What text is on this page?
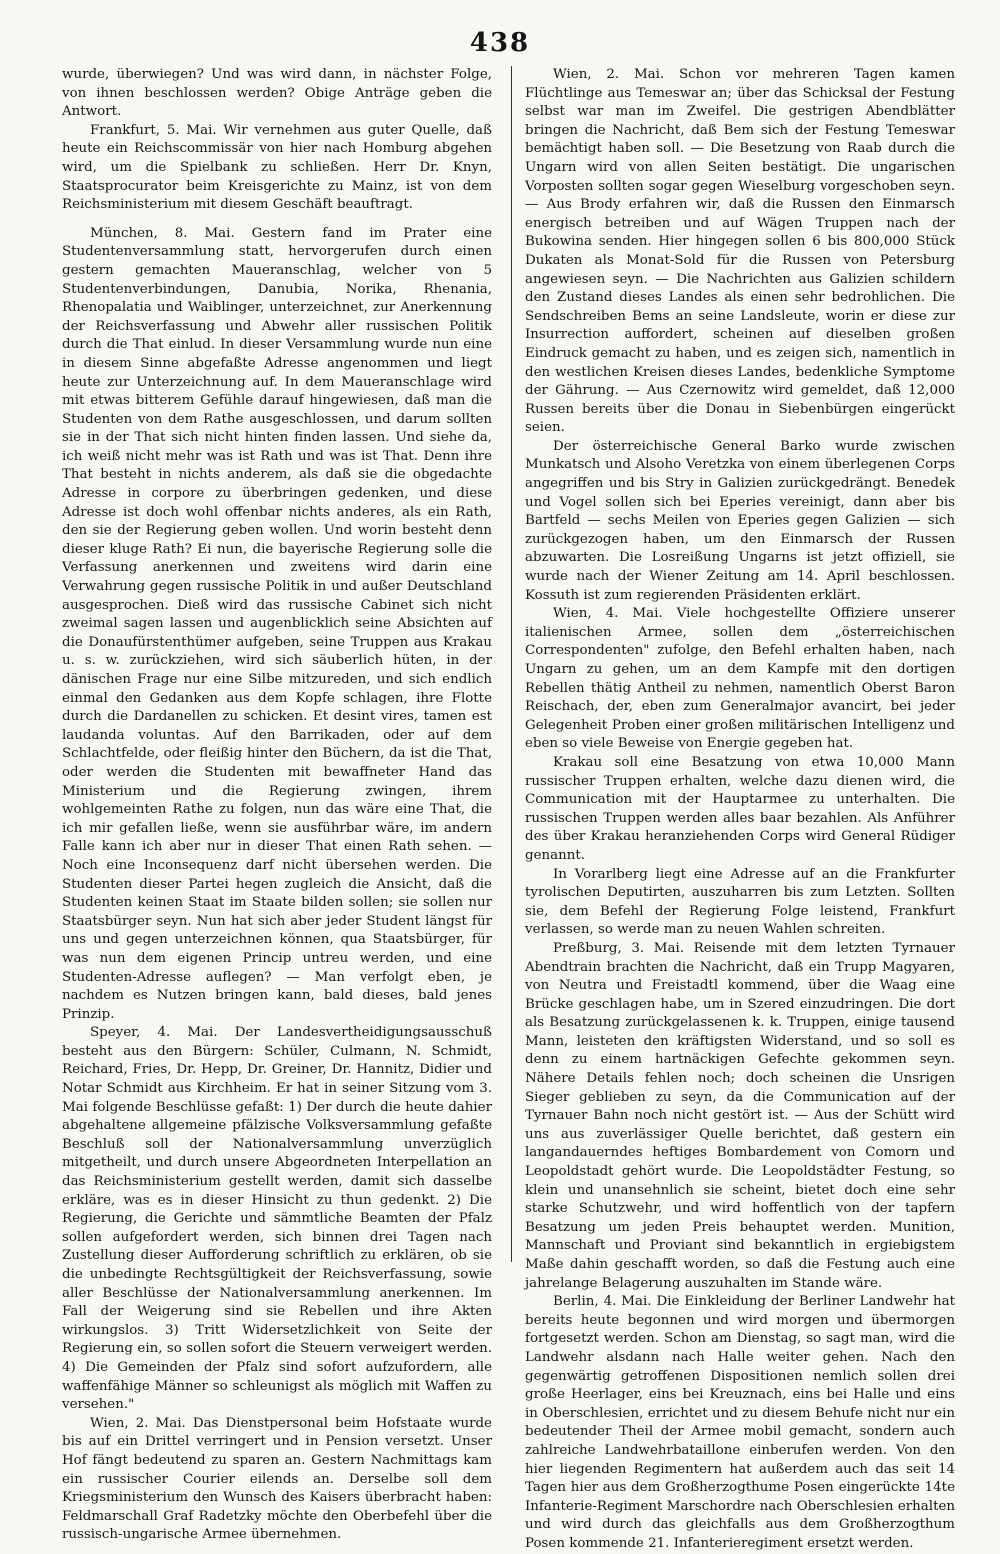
438

wurde, überwiegen? Und was wird dann, in nächster Folge, von ihnen beschlossen werden? Obige Anträge geben die Antwort.

Frankfurt, 5. Mai. Wir vernehmen aus guter Quelle, daß heute ein Reichscommissär von hier nach Homburg abgehen wird, um die Spielbank zu schließen. Herr Dr. Knyn, Staatsprocurator beim Kreisgerichte zu Mainz, ist von dem Reichsministerium mit diesem Geschäft beauftragt.

München, 8. Mai. Gestern fand im Prater eine Studentenversammlung statt, hervorgerufen durch einen gestern gemachten Maueranschlag, welcher von 5 Studentenverbindungen, Danubia, Norika, Rhenania, Rhenopalatia und Waiblinger, unterzeichnet, zur Anerkennung der Reichsverfassung und Abwehr aller russischen Politik durch die That einlud. In dieser Versammlung wurde nun eine in diesem Sinne abgefaßte Adresse angenommen und liegt heute zur Unterzeichnung auf. In dem Maueranschlage wird mit etwas bitterem Gefühle darauf hingewiesen, daß man die Studenten von dem Rathe ausgeschlossen, und darum sollten sie in der That sich nicht hinten finden lassen. Und siehe da, ich weiß nicht mehr was ist Rath und was ist That. Denn ihre That besteht in nichts anderem, als daß sie die obgedachte Adresse in corpore zu überbringen gedenken, und diese Adresse ist doch wohl offenbar nichts anderes, als ein Rath, den sie der Regierung geben wollen. Und worin besteht denn dieser kluge Rath? Ei nun, die bayerische Regierung solle die Verfassung anerkennen und zweitens wird darin eine Verwahrung gegen russische Politik in und außer Deutschland ausgesprochen. Dieß wird das russische Cabinet sich nicht zweimal sagen lassen und augenblicklich seine Absichten auf die Donaufürstenthümer aufgeben, seine Truppen aus Krakau u. s. w. zurückziehen, wird sich säuberlich hüten, in der dänischen Frage nur eine Silbe mitzureden, und sich endlich einmal den Gedanken aus dem Kopfe schlagen, ihre Flotte durch die Dardanellen zu schicken. Et desint vires, tamen est laudanda voluntas. Auf den Barrikaden, oder auf dem Schlachtfelde, oder fleißig hinter den Büchern, da ist die That, oder werden die Studenten mit bewaffneter Hand das Ministerium und die Regierung zwingen, ihrem wohlgemeinten Rathe zu folgen, nun das wäre eine That, die ich mir gefallen ließe, wenn sie ausführbar wäre, im andern Falle kann ich aber nur in dieser That einen Rath sehen. — Noch eine Inconsequenz darf nicht übersehen werden. Die Studenten dieser Partei hegen zugleich die Ansicht, daß die Studenten keinen Staat im Staate bilden sollen; sie sollen nur Staatsbürger seyn. Nun hat sich aber jeder Student längst für uns und gegen unterzeichnen können, qua Staatsbürger, für was nun dem eigenen Princip untreu werden, und eine Studenten-Adresse auflegen? — Man verfolgt eben, je nachdem es Nutzen bringen kann, bald dieses, bald jenes Prinzip.

Speyer, 4. Mai. Der Landesvertheidigungsausschuß besteht aus den Bürgern: Schüler, Culmann, N. Schmidt, Reichard, Fries, Dr. Hepp, Dr. Greiner, Dr. Hannitz, Didier und Notar Schmidt aus Kirchheim. Er hat in seiner Sitzung vom 3. Mai folgende Beschlüsse gefaßt: 1) Der durch die heute dahier abgehaltene allgemeine pfälzische Volksversammlung gefaßte Beschluß soll der Nationalversammlung unverzüglich mitgetheilt, und durch unsere Abgeordneten Interpellation an das Reichsministerium gestellt werden, damit sich dasselbe erkläre, was es in dieser Hinsicht zu thun gedenkt. 2) Die Regierung, die Gerichte und sämmtliche Beamten der Pfalz sollen aufgefordert werden, sich binnen drei Tagen nach Zustellung dieser Aufforderung schriftlich zu erklären, ob sie die unbedingte Rechtsgültigkeit der Reichsverfassung, sowie aller Beschlüsse der Nationalversammlung anerkennen. Im Fall der Weigerung sind sie Rebellen und ihre Akten wirkungslos. 3) Tritt Widersetzlichkeit von Seite der Regierung ein, so sollen sofort die Steuern verweigert werden. 4) Die Gemeinden der Pfalz sind sofort aufzufordern, alle waffenfähige Männer so schleunigst als möglich mit Waffen zu versehen."

Wien, 2. Mai. Das Dienstpersonal beim Hofstaate wurde bis auf ein Drittel verringert und in Pension versetzt. Unser Hof fängt bedeutend zu sparen an. Gestern Nachmittags kam ein russischer Courier eilends an. Derselbe soll dem Kriegsministerium den Wunsch des Kaisers überbracht haben: Feldmarschall Graf Radetzky möchte den Oberbefehl über die russisch-ungarische Armee übernehmen.

Wien, 2. Mai. Schon vor mehreren Tagen kamen Flüchtlinge aus Temeswar an; über das Schicksal der Festung selbst war man im Zweifel. Die gestrigen Abendblätter bringen die Nachricht, daß Bem sich der Festung Temeswar bemächtigt haben soll. — Die Besetzung von Raab durch die Ungarn wird von allen Seiten bestätigt. Die ungarischen Vorposten sollten sogar gegen Wieselburg vorgeschoben seyn. — Aus Brody erfahren wir, daß die Russen den Einmarsch energisch betreiben und auf Wägen Truppen nach der Bukowina senden. Hier hingegen sollen 6 bis 800,000 Stück Dukaten als Monat-Sold für die Russen von Petersburg angewiesen seyn. — Die Nachrichten aus Galizien schildern den Zustand dieses Landes als einen sehr bedrohlichen. Die Sendschreiben Bems an seine Landsleute, worin er diese zur Insurrection auffordert, scheinen auf dieselben großen Eindruck gemacht zu haben, und es zeigen sich, namentlich in den westlichen Kreisen dieses Landes, bedenkliche Symptome der Gährung. — Aus Czernowitz wird gemeldet, daß 12,000 Russen bereits über die Donau in Siebenbürgen eingerückt seien.

Der österreichische General Barko wurde zwischen Munkatsch und Alsoho Veretzka von einem überlegenen Corps angegriffen und bis Stry in Galizien zurückgedrängt. Benedek und Vogel sollen sich bei Eperies vereinigt, dann aber bis Bartfeld — sechs Meilen von Eperies gegen Galizien — sich zurückgezogen haben, um den Einmarsch der Russen abzuwarten. Die Losreißung Ungarns ist jetzt offiziell, sie wurde nach der Wiener Zeitung am 14. April beschlossen. Kossuth ist zum regierenden Präsidenten erklärt.

Wien, 4. Mai. Viele hochgestellte Offiziere unserer italienischen Armee, sollen dem „österreichischen Correspondenten" zufolge, den Befehl erhalten haben, nach Ungarn zu gehen, um an dem Kampfe mit den dortigen Rebellen thätig Antheil zu nehmen, namentlich Oberst Baron Reischach, der, eben zum Generalmajor avancirt, bei jeder Gelegenheit Proben einer großen militärischen Intelligenz und eben so viele Beweise von Energie gegeben hat.

Krakau soll eine Besatzung von etwa 10,000 Mann russischer Truppen erhalten, welche dazu dienen wird, die Communication mit der Hauptarmee zu unterhalten. Die russischen Truppen werden alles baar bezahlen. Als Anführer des über Krakau heranziehenden Corps wird General Rüdiger genannt.

In Vorarlberg liegt eine Adresse auf an die Frankfurter tyrolischen Deputirten, auszuharren bis zum Letzten. Sollten sie, dem Befehl der Regierung Folge leistend, Frankfurt verlassen, so werde man zu neuen Wahlen schreiten.

Preßburg, 3. Mai. Reisende mit dem letzten Tyrnauer Abendtrain brachten die Nachricht, daß ein Trupp Magyaren, von Neutra und Freistadtl kommend, über die Waag eine Brücke geschlagen habe, um in Szered einzudringen. Die dort als Besatzung zurückgelassenen k. k. Truppen, einige tausend Mann, leisteten den kräftigsten Widerstand, und so soll es denn zu einem hartnäckigen Gefechte gekommen seyn. Nähere Details fehlen noch; doch scheinen die Unsrigen Sieger geblieben zu seyn, da die Communication auf der Tyrnauer Bahn noch nicht gestört ist. — Aus der Schütt wird uns aus zuverlässiger Quelle berichtet, daß gestern ein langandauerndes heftiges Bombardement von Comorn und Leopoldstadt gehört wurde. Die Leopoldstädter Festung, so klein und unansehnlich sie scheint, bietet doch eine sehr starke Schutzwehr, und wird hoffentlich von der tapfern Besatzung um jeden Preis behauptet werden. Munition, Mannschaft und Proviant sind bekanntlich in ergiebigstem Maße dahin geschafft worden, so daß die Festung auch eine jahrelange Belagerung auszuhalten im Stande wäre.

Berlin, 4. Mai. Die Einkleidung der Berliner Landwehr hat bereits heute begonnen und wird morgen und übermorgen fortgesetzt werden. Schon am Dienstag, so sagt man, wird die Landwehr alsdann nach Halle weiter gehen. Nach den gegenwärtig getroffenen Dispositionen nemlich sollen drei große Heerlager, eins bei Kreuznach, eins bei Halle und eins in Oberschlesien, errichtet und zu diesem Behufe nicht nur ein bedeutender Theil der Armee mobil gemacht, sondern auch zahlreiche Landwehrbataillone einberufen werden. Von den hier liegenden Regimentern hat außerdem auch das seit 14 Tagen hier aus dem Großherzogthume Posen eingerückte 14te Infanterie-Regiment Marschordre nach Oberschlesien erhalten und wird durch das gleichfalls aus dem Großherzogthum Posen kommende 21. Infanterieregiment ersetzt werden.
